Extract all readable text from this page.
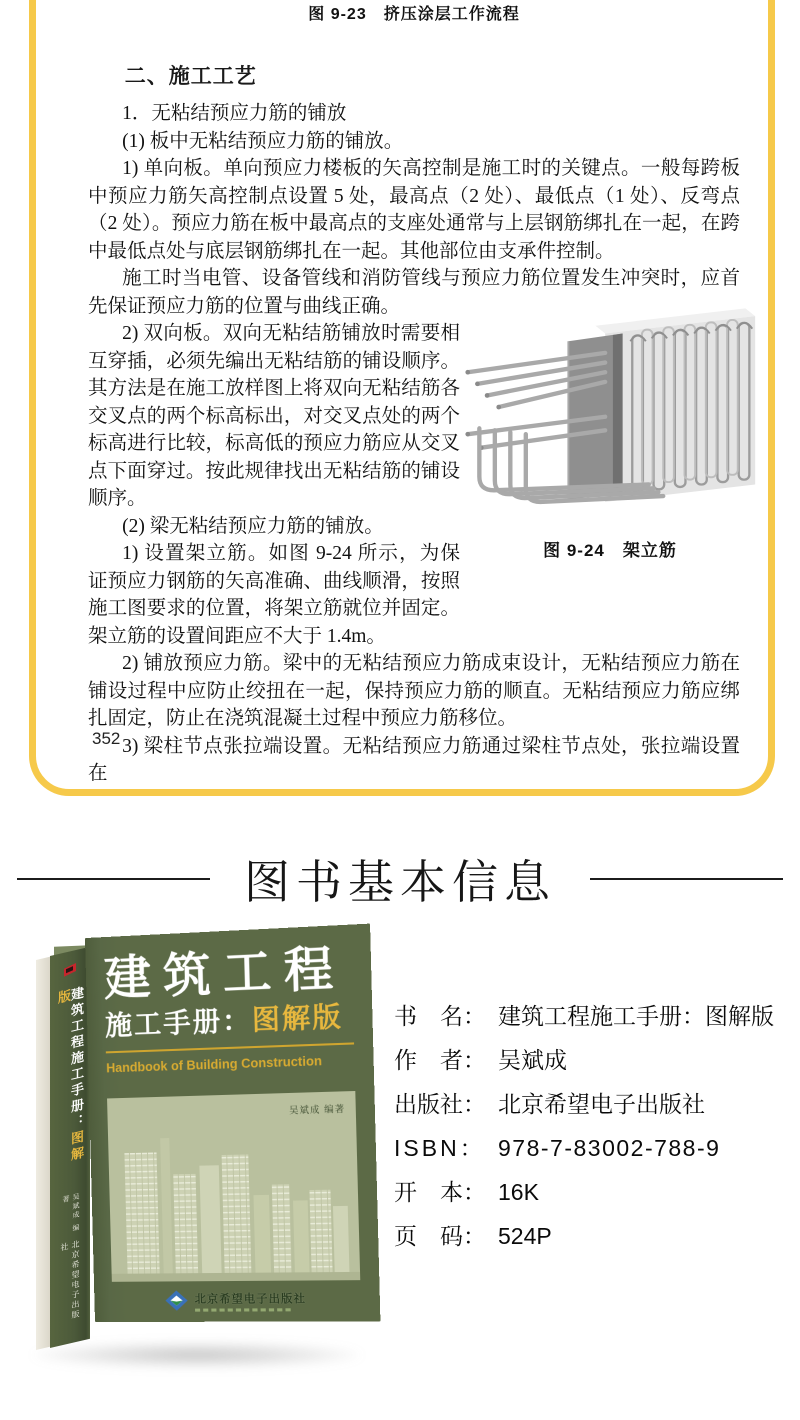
图 9-23　挤压涂层工作流程
二、施工工艺

1．无粘结预应力筋的铺放

(1) 板中无粘结预应力筋的铺放。

1) 单向板。单向预应力楼板的矢高控制是施工时的关键点。一般每跨板中预应力筋矢高控制点设置 5 处，最高点（2 处）、最低点（1 处）、反弯点（2 处）。预应力筋在板中最高点的支座处通常与上层钢筋绑扎在一起，在跨中最低点处与底层钢筋绑扎在一起。其他部位由支承件控制。

施工时当电管、设备管线和消防管线与预应力筋位置发生冲突时，应首先保证预应力筋的位置与曲线正确。

2) 双向板。双向无粘结筋铺放时需要相互穿插，必须先编出无粘结筋的铺设顺序。其方法是在施工放样图上将双向无粘结筋各交叉点的两个标高标出，对交叉点处的两个标高进行比较，标高低的预应力筋应从交叉点下面穿过。按此规律找出无粘结筋的铺设顺序。

(2) 梁无粘结预应力筋的铺放。

1) 设置架立筋。如图 9-24 所示，为保证预应力钢筋的矢高准确、曲线顺滑，按照施工图要求的位置，将架立筋就位并固定。架立筋的设置间距应不大于 1.4m。

图 9-24　架立筋

2) 铺放预应力筋。梁中的无粘结预应力筋成束设计，无粘结预应力筋在铺设过程中应防止绞扭在一起，保持预应力筋的顺直。无粘结预应力筋应绑扎固定，防止在浇筑混凝土过程中预应力筋移位。

3) 梁柱节点张拉端设置。无粘结预应力筋通过梁柱节点处，张拉端设置在

352
图书基本信息
建筑工程施工手册：图解版
吴斌成 编著
北京希望电子出版社
建筑工程
施工手册：图解版
Handbook of Building Construction
吴斌成 编著
北京希望电子出版社
书　名： 建筑工程施工手册：图解版
作　者： 吴斌成
出版社： 北京希望电子出版社
ISBN： 978-7-83002-788-9
开　本： 16K
页　码： 524P
